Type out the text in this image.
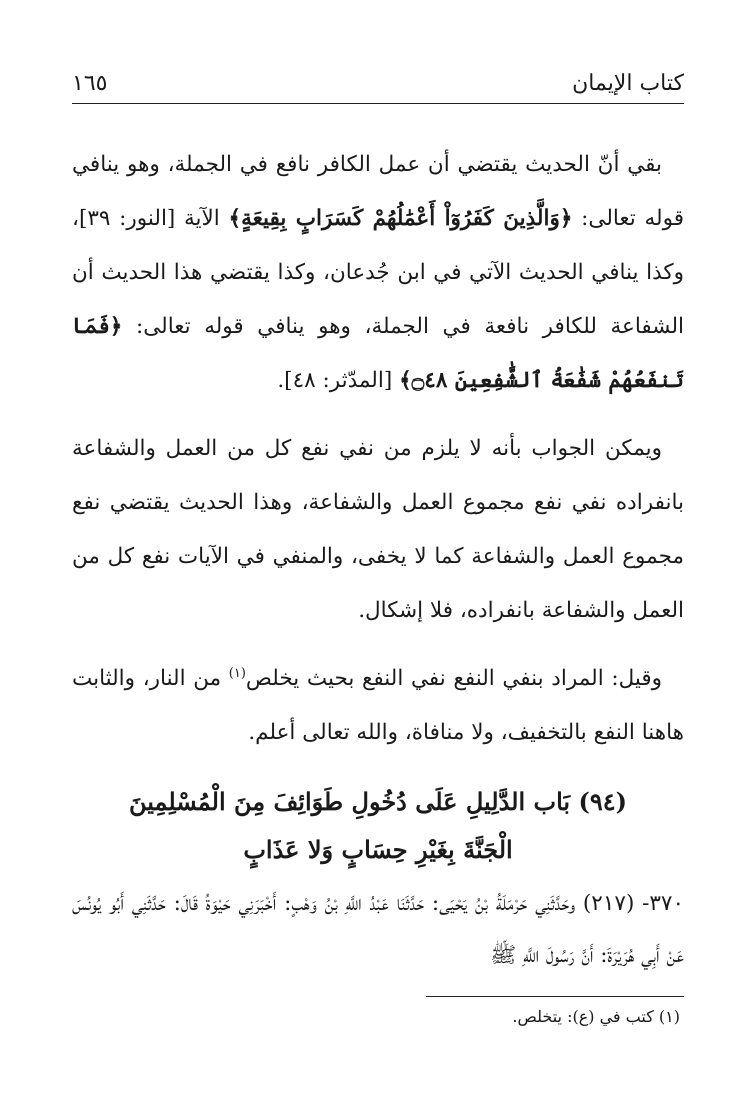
كتاب الإيمان
١٦٥

بقي أنّ الحديث يقتضي أن عمل الكافر نافع في الجملة، وهو ينافي قوله تعالى: ﴿وَالَّذِينَ كَفَرُوٓاْ أَعْمَٰلُهُمْ كَسَرَابٍ بِقِيعَةٍ﴾ الآية [النور: ٣٩]، وكذا ينافي الحديث الآتي في ابن جُدعان، وكذا يقتضي هذا الحديث أن الشفاعة للكافر نافعة في الجملة، وهو ينافي قوله تعالى: ﴿فَمَا تَنفَعُهُمْ شَفَٰعَةُ ٱلشَّٰفِعِينَ ۝٤٨﴾ [المدّثر: ٤٨].

ويمكن الجواب بأنه لا يلزم من نفي نفع كل من العمل والشفاعة بانفراده نفي نفع مجموع العمل والشفاعة، وهذا الحديث يقتضي نفع مجموع العمل والشفاعة كما لا يخفى، والمنفي في الآيات نفع كل من العمل والشفاعة بانفراده، فلا إشكال.

وقيل: المراد بنفي النفع نفي النفع بحيث يخلص$^{(١)}$ من النار، والثابت هاهنا النفع بالتخفيف، ولا منافاة، والله تعالى أعلم.

(٩٤) بَاب الدَّلِيلِ عَلَى دُخُولِ طَوَائِفَ مِنَ الْمُسْلِمِينَ
الْجَنَّةَ بِغَيْرِ حِسَابٍ وَلا عَذَابٍ
٣٧٠- (٢١٧) وحَدَّثَنِي حَرْمَلَةُ بْنُ يَحْيَى: حَدَّثَنَا عَبْدُ اللَّهِ بْنُ وَهْبٍ: أَخْبَرَنِي حَيْوَةُ قَالَ: حَدَّثَنِي أَبُو يُونُسَ عَنْ أَبِي هُرَيْرَةَ: أَنَّ رَسُولَ اللَّهِ ﷺ
(١) كتب في (ع): يتخلص.
